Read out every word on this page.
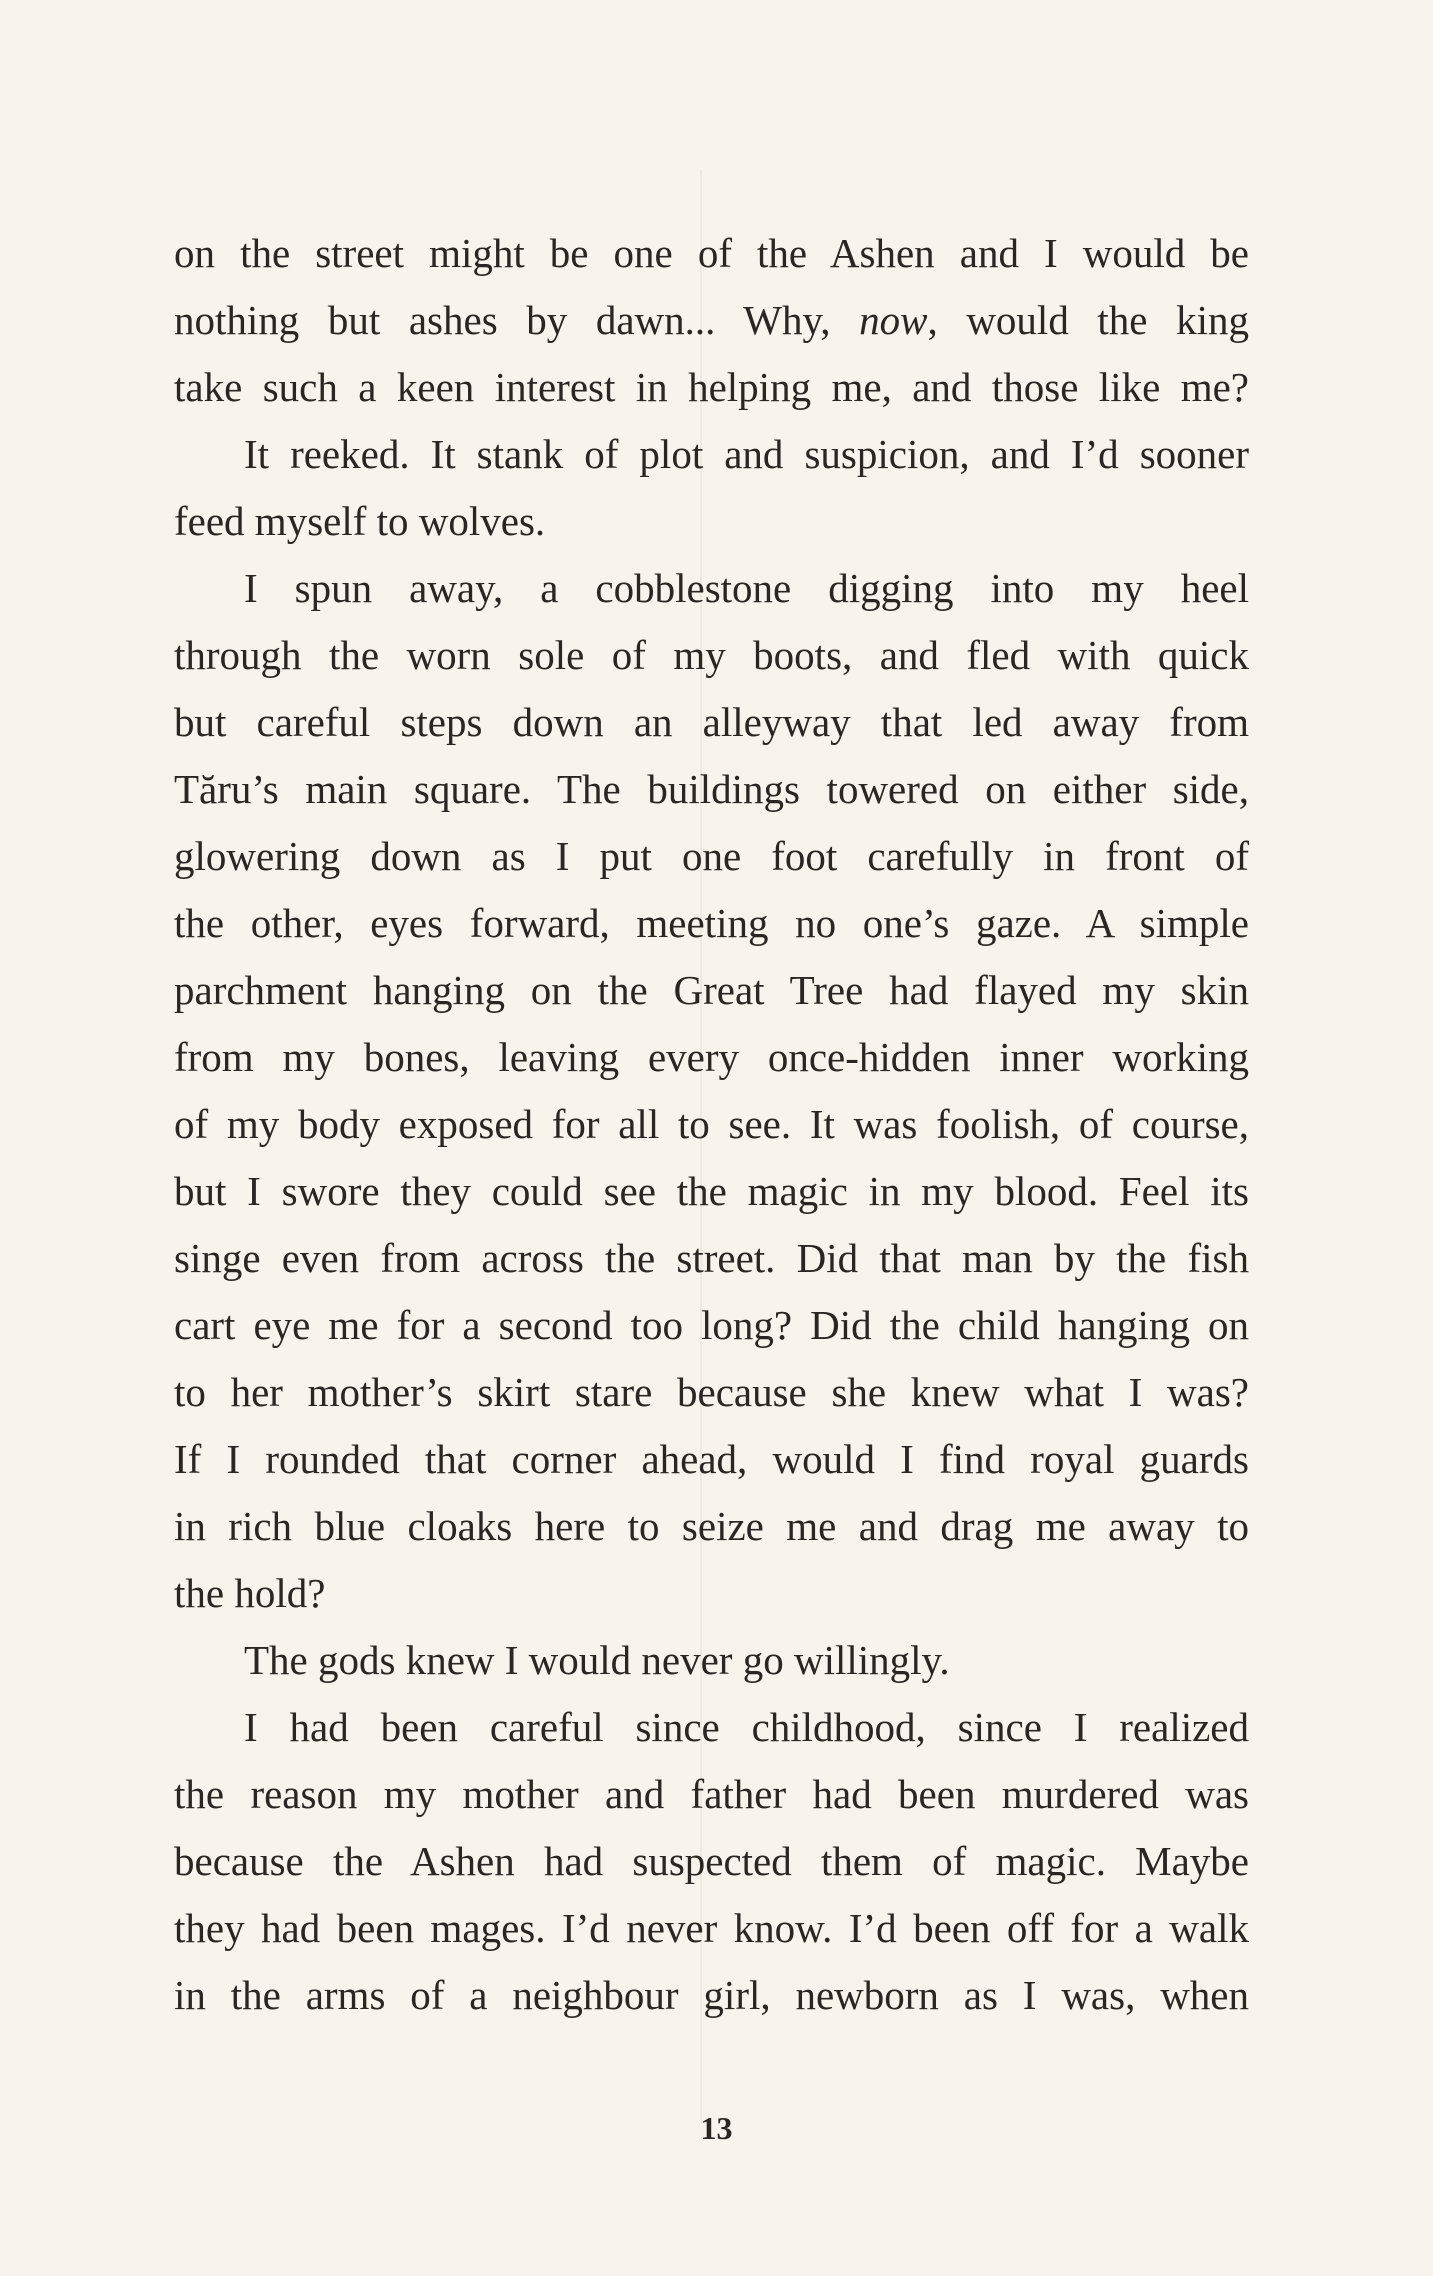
on the street might be one of the Ashen and I would be
nothing but ashes by dawn... Why, now, would the king
take such a keen interest in helping me, and those like me?
It reeked. It stank of plot and suspicion, and I’d sooner
feed myself to wolves.
I spun away, a cobblestone digging into my heel
through the worn sole of my boots, and fled with quick
but careful steps down an alleyway that led away from
Tăru’s main square. The buildings towered on either side,
glowering down as I put one foot carefully in front of
the other, eyes forward, meeting no one’s gaze. A simple
parchment hanging on the Great Tree had flayed my skin
from my bones, leaving every once-hidden inner working
of my body exposed for all to see. It was foolish, of course,
but I swore they could see the magic in my blood. Feel its
singe even from across the street. Did that man by the fish
cart eye me for a second too long? Did the child hanging on
to her mother’s skirt stare because she knew what I was?
If I rounded that corner ahead, would I find royal guards
in rich blue cloaks here to seize me and drag me away to
the hold?
The gods knew I would never go willingly.
I had been careful since childhood, since I realized
the reason my mother and father had been murdered was
because the Ashen had suspected them of magic. Maybe
they had been mages. I’d never know. I’d been off for a walk
in the arms of a neighbour girl, newborn as I was, when
13
